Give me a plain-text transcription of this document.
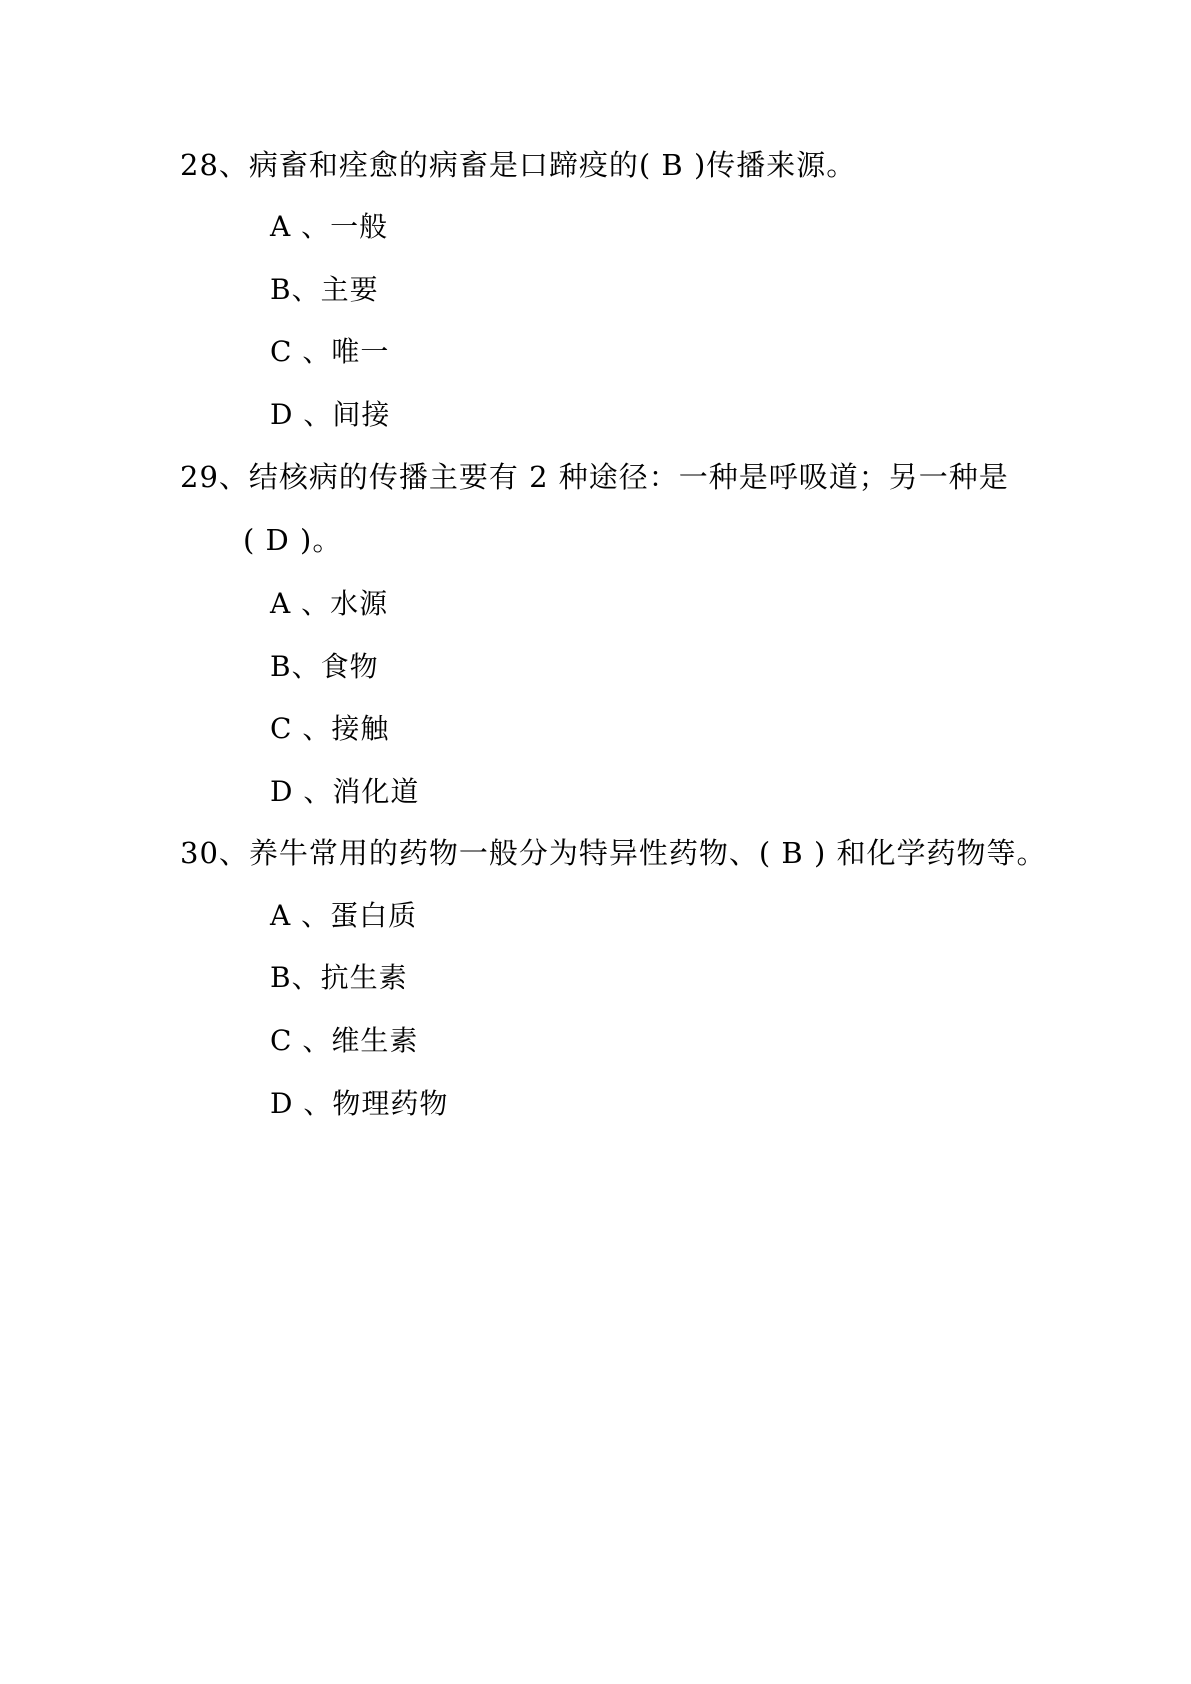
28、病畜和痊愈的病畜是口蹄疫的( B )传播来源。
A 、一般
B、主要
C 、唯一
D 、间接
29、结核病的传播主要有 2 种途径：一种是呼吸道；另一种是
( D )。
A 、水源
B、食物
C 、接触
D 、消化道
30、养牛常用的药物一般分为特异性药物、( B ) 和化学药物等。
A 、蛋白质
B、抗生素
C 、维生素
D 、物理药物
